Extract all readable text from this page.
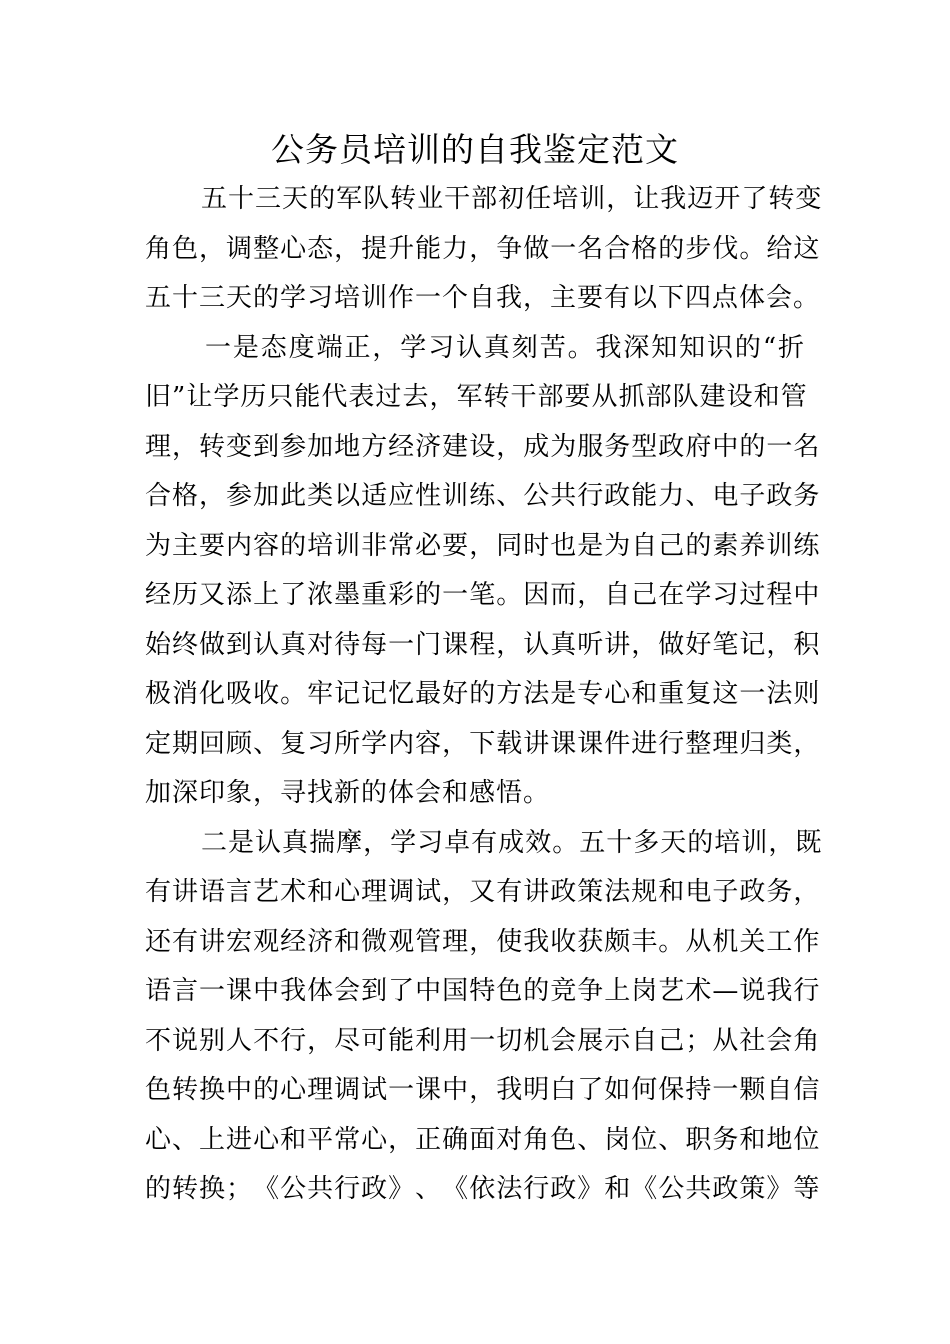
公务员培训的自我鉴定范文
五 十 三 天 的 军 队 转 业 干 部 初 任 培 训 ， 让 我 迈 开 了 转 变
角 色 ， 调 整 心 态 ， 提 升 能 力 ， 争 做 一 名 合 格 的 步 伐 。 给 这
五十三天的学习培训作一个自我，主要有以下四点体会。
一 是 态 度 端 正 ， 学 习 认 真 刻 苦 。 我 深 知 知 识 的 “ 折
旧 ” 让 学 历 只 能 代 表 过 去 ， 军 转 干 部 要 从 抓 部 队 建 设 和 管
理 ， 转 变 到 参 加 地 方 经 济 建 设 ， 成 为 服 务 型 政 府 中 的 一 名
合 格 ， 参 加 此 类 以 适 应 性 训 练 、 公 共 行 政 能 力 、 电 子 政 务
为 主 要 内 容 的 培 训 非 常 必 要 ， 同 时 也 是 为 自 己 的 素 养 训 练
经 历 又 添 上 了 浓 墨 重 彩 的 一 笔 。 因 而 ， 自 己 在 学 习 过 程 中
始 终 做 到 认 真 对 待 每 一 门 课 程 ， 认 真 听 讲 ， 做 好 笔 记 ， 积
极 消 化 吸 收 。 牢 记 记 忆 最 好 的 方 法 是 专 心 和 重 复 这 一 法 则
定 期 回 顾 、 复 习 所 学 内 容 ， 下 载 讲 课 课 件 进 行 整 理 归 类 ，
加深印象，寻找新的体会和感悟。
二 是 认 真 揣 摩 ， 学 习 卓 有 成 效 。 五 十 多 天 的 培 训 ， 既
有 讲 语 言 艺 术 和 心 理 调 试 ， 又 有 讲 政 策 法 规 和 电 子 政 务 ，
还 有 讲 宏 观 经 济 和 微 观 管 理 ， 使 我 收 获 颇 丰 。 从 机 关 工 作
语 言 一 课 中 我 体 会 到 了 中 国 特 色 的 竞 争 上 岗 艺 术 — 说 我 行
不 说 别 人 不 行 ， 尽 可 能 利 用 一 切 机 会 展 示 自 己 ； 从 社 会 角
色 转 换 中 的 心 理 调 试 一 课 中 ， 我 明 白 了 如 何 保 持 一 颗 自 信
心 、 上 进 心 和 平 常 心 ， 正 确 面 对 角 色 、 岗 位 、 职 务 和 地 位
的 转 换 ； 《 公 共 行 政 》 、 《 依 法 行 政 》 和 《 公 共 政 策 》 等
